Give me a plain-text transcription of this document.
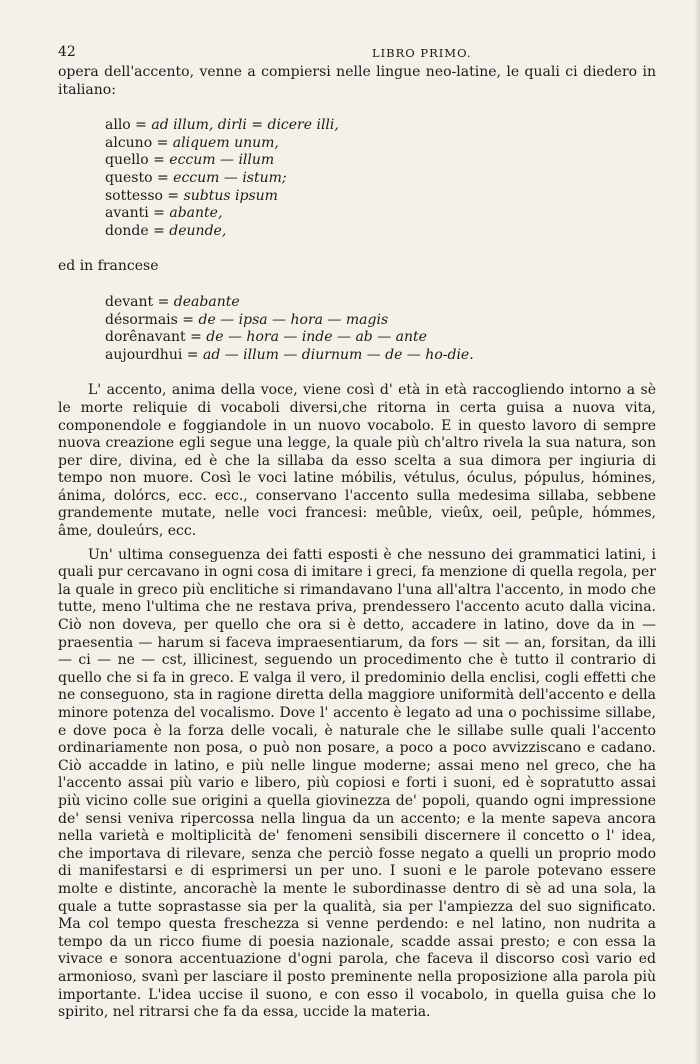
42	LIBRO PRIMO.

opera dell'accento, venne a compiersi nelle lingue neo-latine, le quali ci diedero in italiano:

allo = ad illum, dirli = dicere illi,
alcuno = aliquem unum,
quello = eccum — illum
questo = eccum — istum;
sottesso = subtus ipsum
avanti = abante,
donde = deunde,

ed in francese

devant = deabante
désormais = de — ipsa — hora — magis
dorênavant = de — hora — inde — ab — ante
aujourdhui = ad — illum — diurnum — de — ho-die.

L' accento, anima della voce, viene così d' età in età raccogliendo intorno a sè le morte reliquie di vocaboli diversi,che ritorna in certa guisa a nuova vita, componendole e foggiandole in un nuovo vocabolo. E in questo lavoro di sempre nuova creazione egli segue una legge, la quale più ch'altro rivela la sua natura, son per dire, divina, ed è che la sillaba da esso scelta a sua dimora per ingiuria di tempo non muore. Così le voci latine móbilis, vétulus, óculus, pópulus, hómines, ánima, dolórcs, ecc. ecc., conservano l'accento sulla medesima sillaba, sebbene grandemente mutate, nelle voci francesi: meûble, vieûx, oeil, peûple, hómmes, âme, douleúrs, ecc.

Un' ultima conseguenza dei fatti esposti è che nessuno dei grammatici latini, i quali pur cercavano in ogni cosa di imitare i greci, fa menzione di quella regola, per la quale in greco più enclitiche si rimandavano l'una all'altra l'accento, in modo che tutte, meno l'ultima che ne restava priva, prendessero l'accento acuto dalla vicina. Ciò non doveva, per quello che ora si è detto, accadere in latino, dove da in — praesentia — harum si faceva impraesentiarum, da fors — sit — an, forsitan, da illi — ci — ne — cst, illicinest, seguendo un procedimento che è tutto il contrario di quello che si fa in greco. E valga il vero, il predominio della enclisi, cogli effetti che ne conseguono, sta in ragione diretta della maggiore uniformità dell'accento e della minore potenza del vocalismo. Dove l' accento è legato ad una o pochissime sillabe, e dove poca è la forza delle vocali, è naturale che le sillabe sulle quali l'accento ordinariamente non posa, o può non posare, a poco a poco avvizziscano e cadano. Ciò accadde in latino, e più nelle lingue moderne; assai meno nel greco, che ha l'accento assai più vario e libero, più copiosi e forti i suoni, ed è sopratutto assai più vicino colle sue origini a quella giovinezza de' popoli, quando ogni impressione de' sensi veniva ripercossa nella lingua da un accento; e la mente sapeva ancora nella varietà e moltiplicità de' fenomeni sensibili discernere il concetto o l' idea, che importava di rilevare, senza che perciò fosse negato a quelli un proprio modo di manifestarsi e di esprimersi un per uno. I suoni e le parole potevano essere molte e distinte, ancorachè la mente le subordinasse dentro di sè ad una sola, la quale a tutte soprastasse sia per la qualità, sia per l'ampiezza del suo significato. Ma col tempo questa freschezza si venne perdendo: e nel latino, non nudrita a tempo da un ricco fiume di poesia nazionale, scadde assai presto; e con essa la vivace e sonora accentuazione d'ogni parola, che faceva il discorso così vario ed armonioso, svanì per lasciare il posto preminente nella proposizione alla parola più importante. L'idea uccise il suono, e con esso il vocabolo, in quella guisa che lo spirito, nel ritrarsi che fa da essa, uccide la materia.
